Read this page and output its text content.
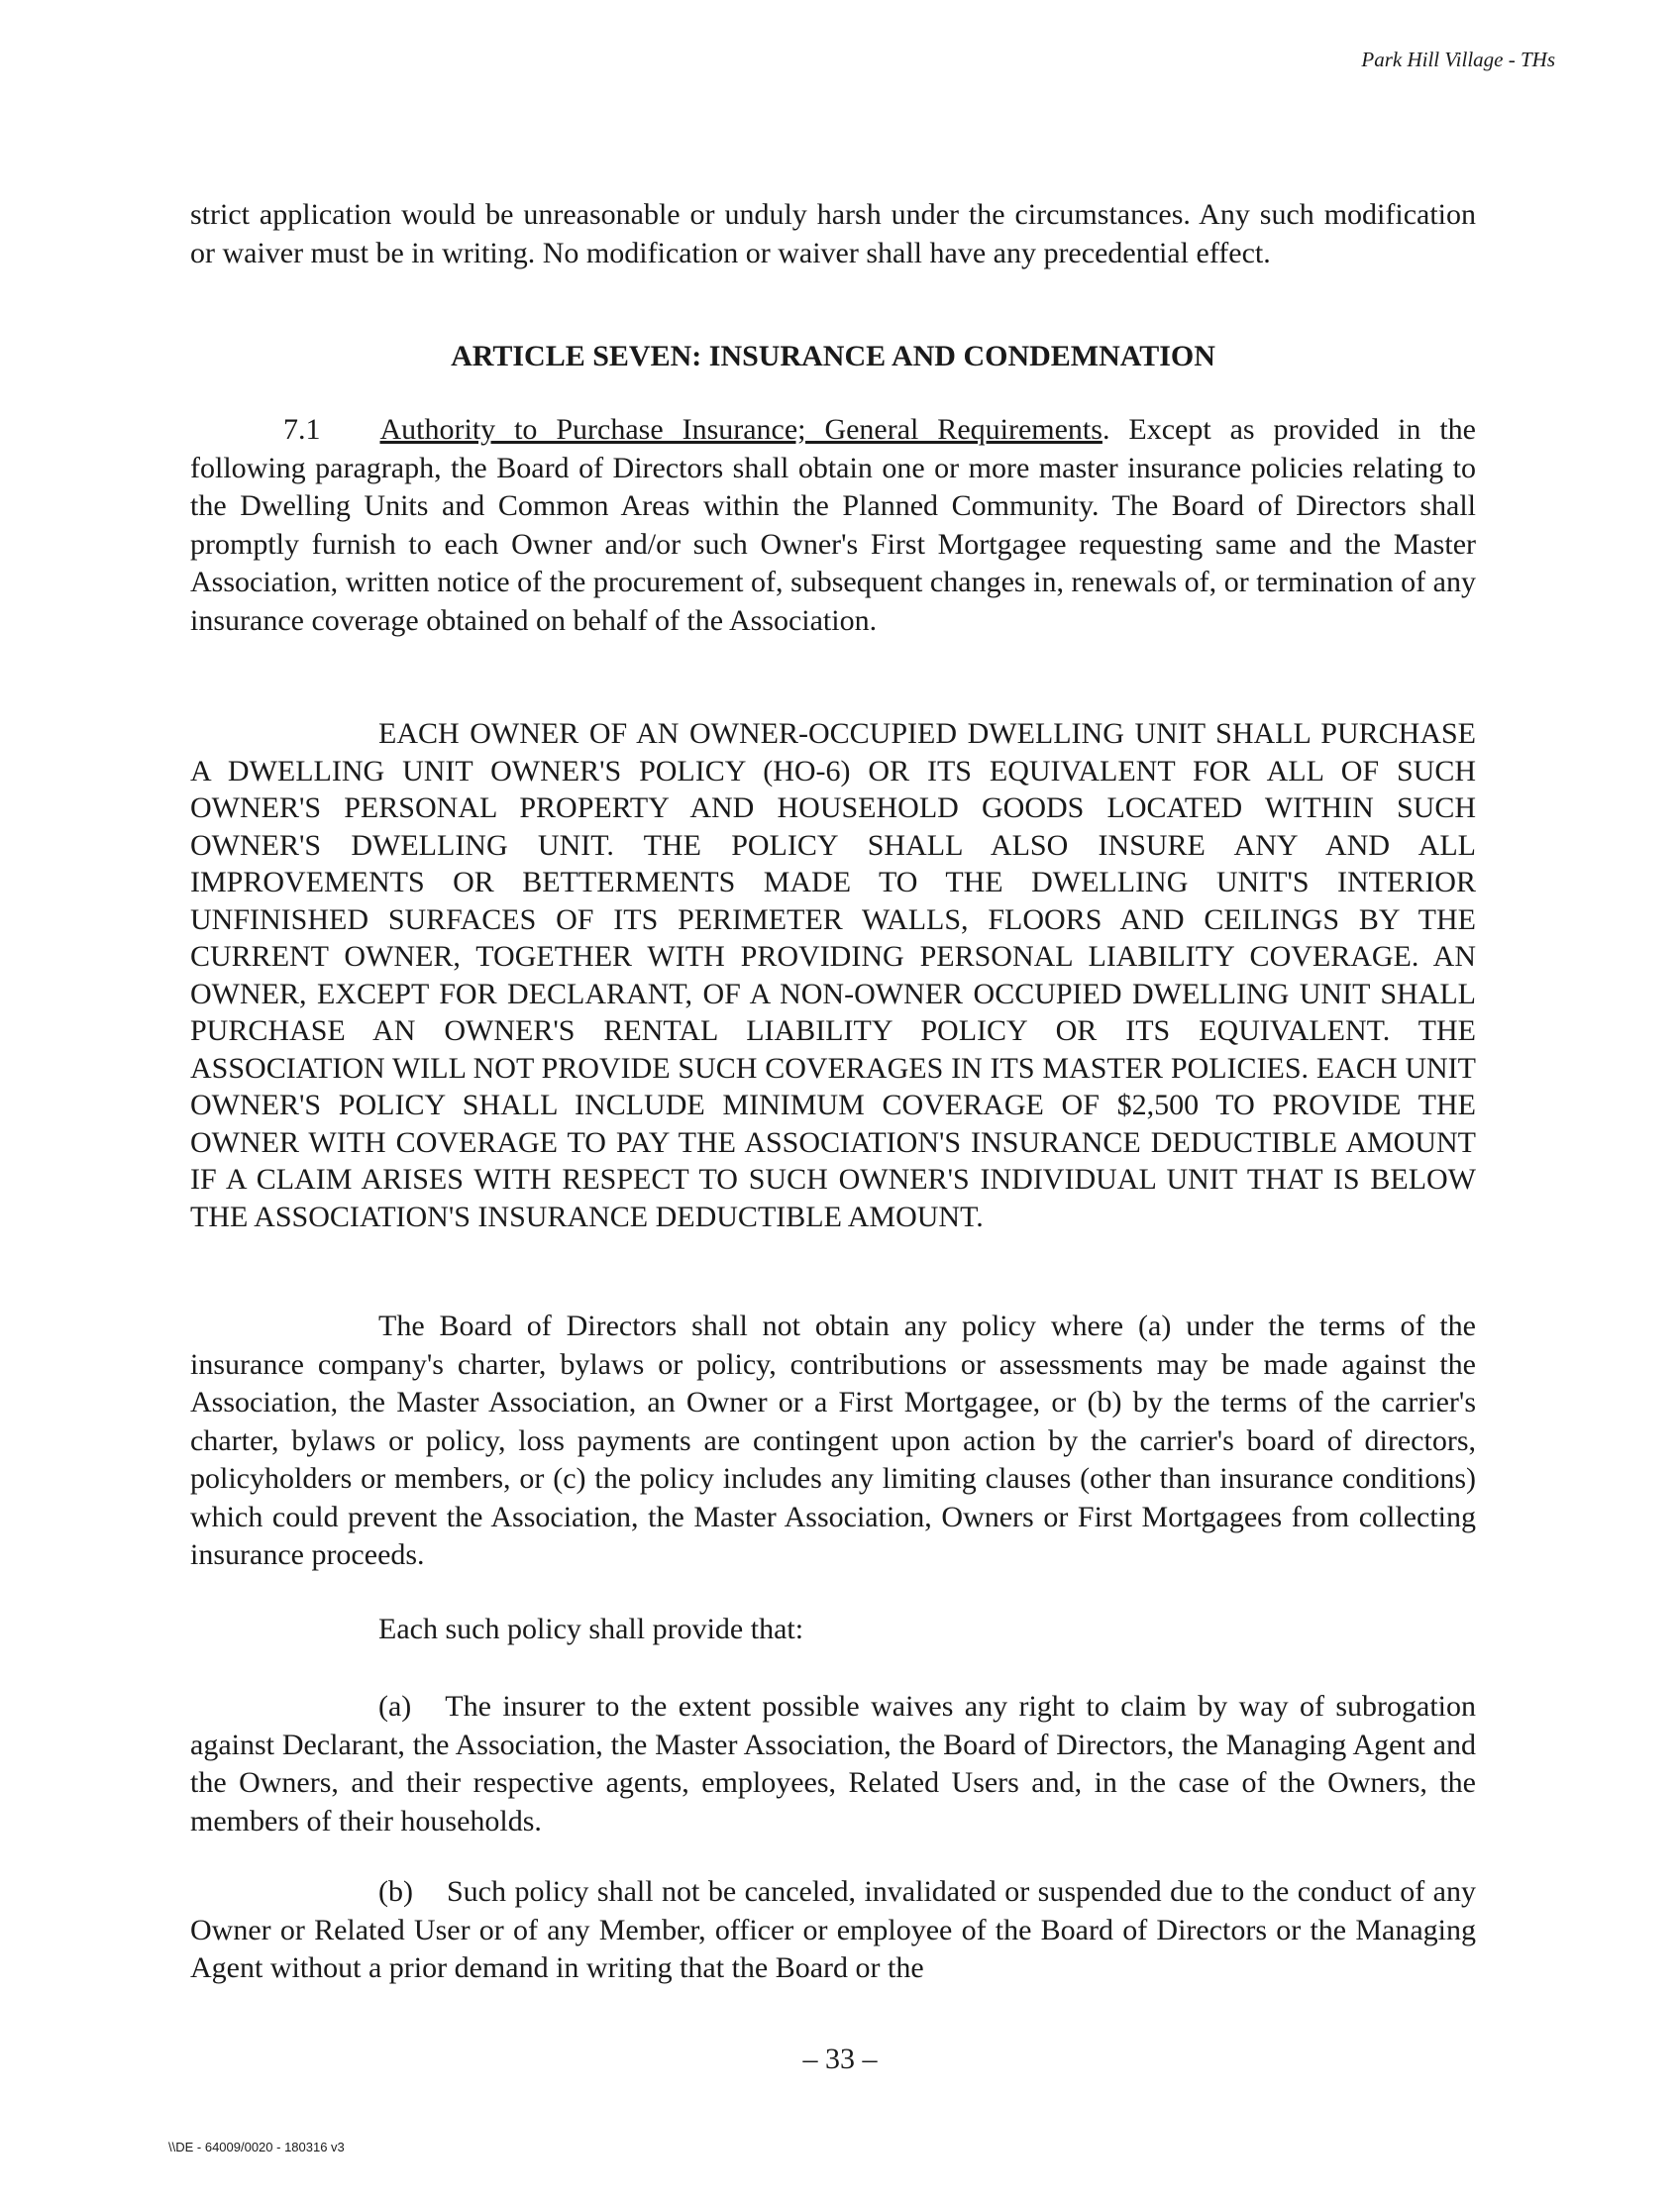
Park Hill Village - THs
strict application would be unreasonable or unduly harsh under the circumstances. Any such modification or waiver must be in writing. No modification or waiver shall have any precedential effect.
ARTICLE SEVEN: INSURANCE AND CONDEMNATION
7.1 Authority to Purchase Insurance; General Requirements. Except as provided in the following paragraph, the Board of Directors shall obtain one or more master insurance policies relating to the Dwelling Units and Common Areas within the Planned Community. The Board of Directors shall promptly furnish to each Owner and/or such Owner's First Mortgagee requesting same and the Master Association, written notice of the procurement of, subsequent changes in, renewals of, or termination of any insurance coverage obtained on behalf of the Association.
EACH OWNER OF AN OWNER-OCCUPIED DWELLING UNIT SHALL PURCHASE A DWELLING UNIT OWNER'S POLICY (HO-6) OR ITS EQUIVALENT FOR ALL OF SUCH OWNER'S PERSONAL PROPERTY AND HOUSEHOLD GOODS LOCATED WITHIN SUCH OWNER'S DWELLING UNIT. THE POLICY SHALL ALSO INSURE ANY AND ALL IMPROVEMENTS OR BETTERMENTS MADE TO THE DWELLING UNIT'S INTERIOR UNFINISHED SURFACES OF ITS PERIMETER WALLS, FLOORS AND CEILINGS BY THE CURRENT OWNER, TOGETHER WITH PROVIDING PERSONAL LIABILITY COVERAGE. AN OWNER, EXCEPT FOR DECLARANT, OF A NON-OWNER OCCUPIED DWELLING UNIT SHALL PURCHASE AN OWNER'S RENTAL LIABILITY POLICY OR ITS EQUIVALENT. THE ASSOCIATION WILL NOT PROVIDE SUCH COVERAGES IN ITS MASTER POLICIES. EACH UNIT OWNER'S POLICY SHALL INCLUDE MINIMUM COVERAGE OF $2,500 TO PROVIDE THE OWNER WITH COVERAGE TO PAY THE ASSOCIATION'S INSURANCE DEDUCTIBLE AMOUNT IF A CLAIM ARISES WITH RESPECT TO SUCH OWNER'S INDIVIDUAL UNIT THAT IS BELOW THE ASSOCIATION'S INSURANCE DEDUCTIBLE AMOUNT.
The Board of Directors shall not obtain any policy where (a) under the terms of the insurance company's charter, bylaws or policy, contributions or assessments may be made against the Association, the Master Association, an Owner or a First Mortgagee, or (b) by the terms of the carrier's charter, bylaws or policy, loss payments are contingent upon action by the carrier's board of directors, policyholders or members, or (c) the policy includes any limiting clauses (other than insurance conditions) which could prevent the Association, the Master Association, Owners or First Mortgagees from collecting insurance proceeds.
Each such policy shall provide that:
(a) The insurer to the extent possible waives any right to claim by way of subrogation against Declarant, the Association, the Master Association, the Board of Directors, the Managing Agent and the Owners, and their respective agents, employees, Related Users and, in the case of the Owners, the members of their households.
(b) Such policy shall not be canceled, invalidated or suspended due to the conduct of any Owner or Related User or of any Member, officer or employee of the Board of Directors or the Managing Agent without a prior demand in writing that the Board or the
– 33 –
\\DE - 64009/0020 - 180316 v3
